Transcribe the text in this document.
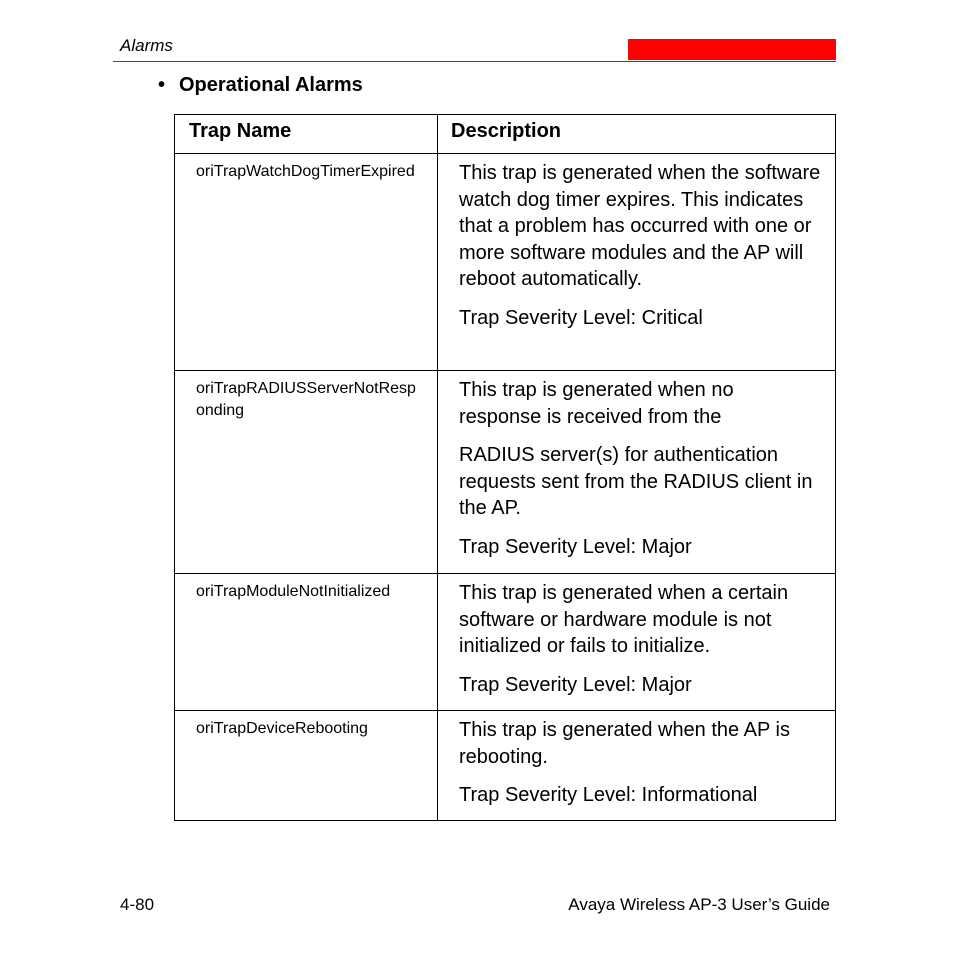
Alarms
• Operational Alarms
Trap Name	Description
oriTrapWatchDogTimerExpired	This trap is generated when the software watch dog timer expires. This indicates that a problem has occurred with one or more software modules and the AP will reboot automatically.

Trap Severity Level: Critical

oriTrapRADIUSServerNotResponding	This trap is generated when no response is received from the

RADIUS server(s) for authentication requests sent from the RADIUS client in the AP.

Trap Severity Level: Major

oriTrapModuleNotInitialized	This trap is generated when a certain software or hardware module is not initialized or fails to initialize.

Trap Severity Level: Major

oriTrapDeviceRebooting	This trap is generated when the AP is rebooting.

Trap Severity Level: Informational

4-80	Avaya Wireless AP-3 User’s Guide
